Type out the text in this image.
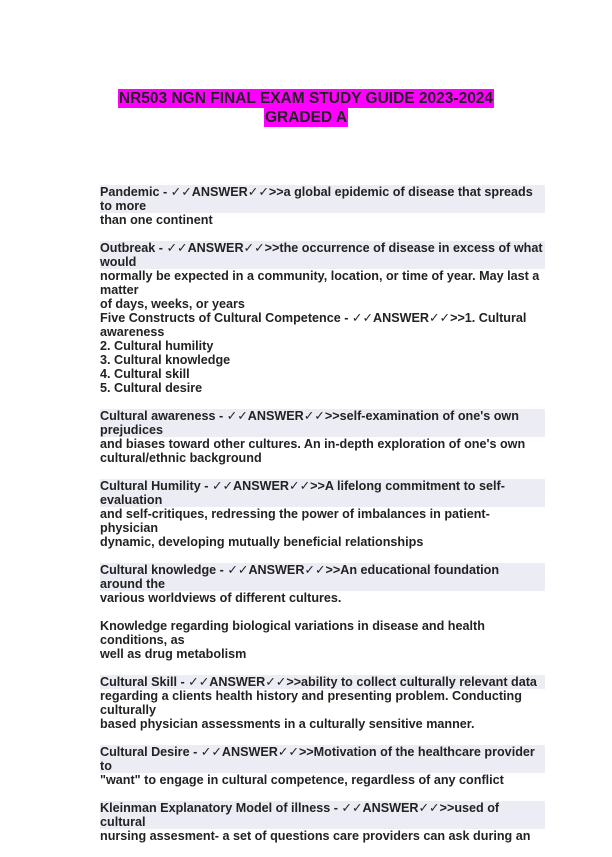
NR503 NGN FINAL EXAM STUDY GUIDE 2023-2024
GRADED A
Pandemic - ✓✓ANSWER✓✓>>a global epidemic of disease that spreads to more
than one continent
Outbreak - ✓✓ANSWER✓✓>>the occurrence of disease in excess of what would
normally be expected in a community, location, or time of year. May last a matter
of days, weeks, or years
Five Constructs of Cultural Competence - ✓✓ANSWER✓✓>>1. Cultural
awareness
2. Cultural humility
3. Cultural knowledge
4. Cultural skill
5. Cultural desire
Cultural awareness - ✓✓ANSWER✓✓>>self-examination of one's own prejudices
and biases toward other cultures. An in-depth exploration of one's own
cultural/ethnic background
Cultural Humility - ✓✓ANSWER✓✓>>A lifelong commitment to self-evaluation
and self-critiques, redressing the power of imbalances in patient-physician
dynamic, developing mutually beneficial relationships
Cultural knowledge - ✓✓ANSWER✓✓>>An educational foundation around the
various worldviews of different cultures.
Knowledge regarding biological variations in disease and health conditions, as
well as drug metabolism
Cultural Skill - ✓✓ANSWER✓✓>>ability to collect culturally relevant data
regarding a clients health history and presenting problem. Conducting culturally
based physician assessments in a culturally sensitive manner.
Cultural Desire - ✓✓ANSWER✓✓>>Motivation of the healthcare provider to
"want" to engage in cultural competence, regardless of any conflict
Kleinman Explanatory Model of illness - ✓✓ANSWER✓✓>>used of cultural
nursing assesment- a set of questions care providers can ask during an
